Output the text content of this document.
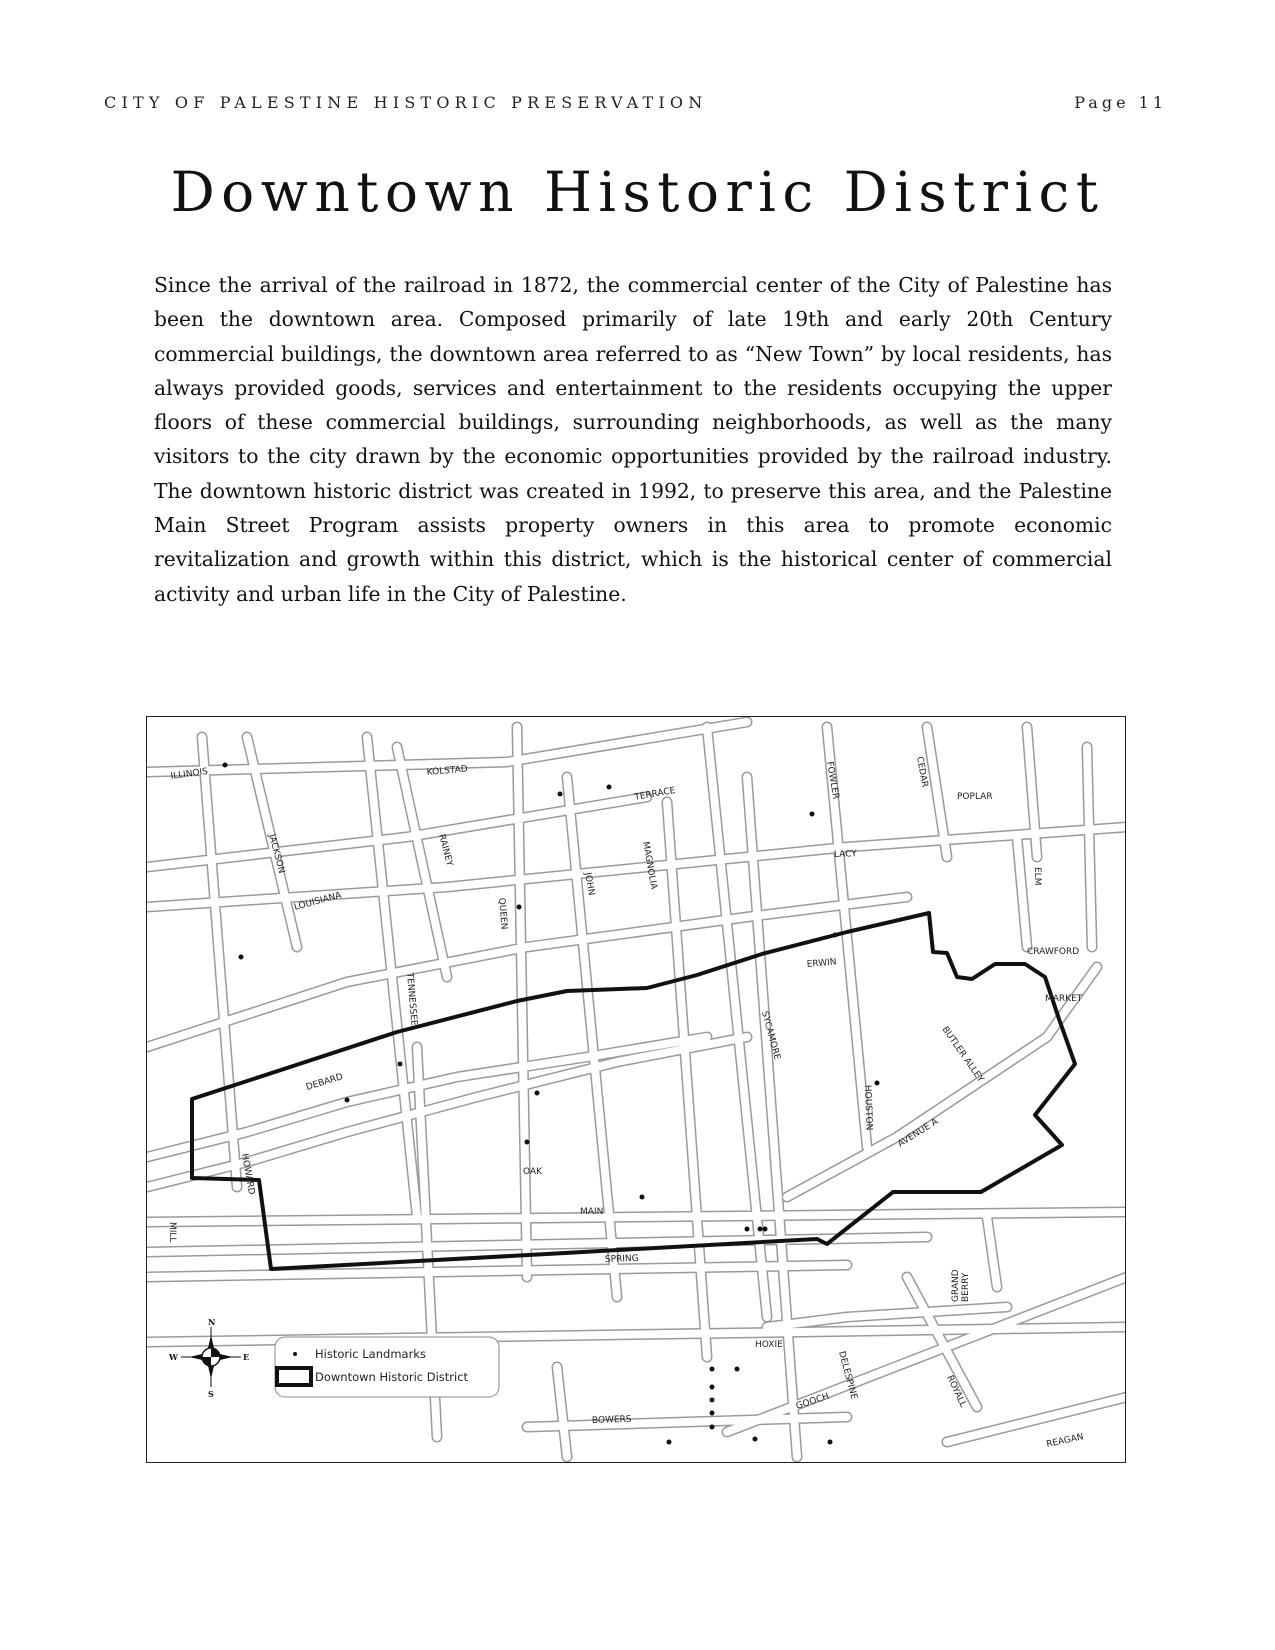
CITY OF PALESTINE HISTORIC PRESERVATION	Page 11
Downtown Historic District

Since the arrival of the railroad in 1872, the commercial center of the City of Palestine has been the downtown area. Composed primarily of late 19th and early 20th Century commercial buildings, the downtown area referred to as “New Town” by local residents, has always provided goods, services and entertainment to the residents occupying the upper floors of these commercial buildings, surrounding neighborhoods, as well as the many visitors to the city drawn by the economic opportunities provided by the railroad industry. The downtown historic district was created in 1992, to preserve this area, and the Palestine Main Street Program assists property owners in this area to promote economic revitalization and growth within this district, which is the historical center of commercial activity and urban life in the City of Palestine.

ILLINOIS	KOLSTAD
TERRACE	FOWLER	CEDAR
POPLAR
JACKSON	RAINEY
JOHN	MAGNOLIA	LACY
ELM
LOUISIANA	QUEEN
ERWIN
CRAWFORD
TENNESSEE	MARKET
SYCAMORE	BUTLER ALLEY
DEBARD
HOUSTON
AVENUE A
HOWARD	OAK
MAIN
MILL
SPRING
GRAND BERRY
HOXIE
DELESPINE	ROYALL
GOOCH
BOWERS
REAGAN
N
S
E
W	Historic Landmarks
Downtown Historic District
